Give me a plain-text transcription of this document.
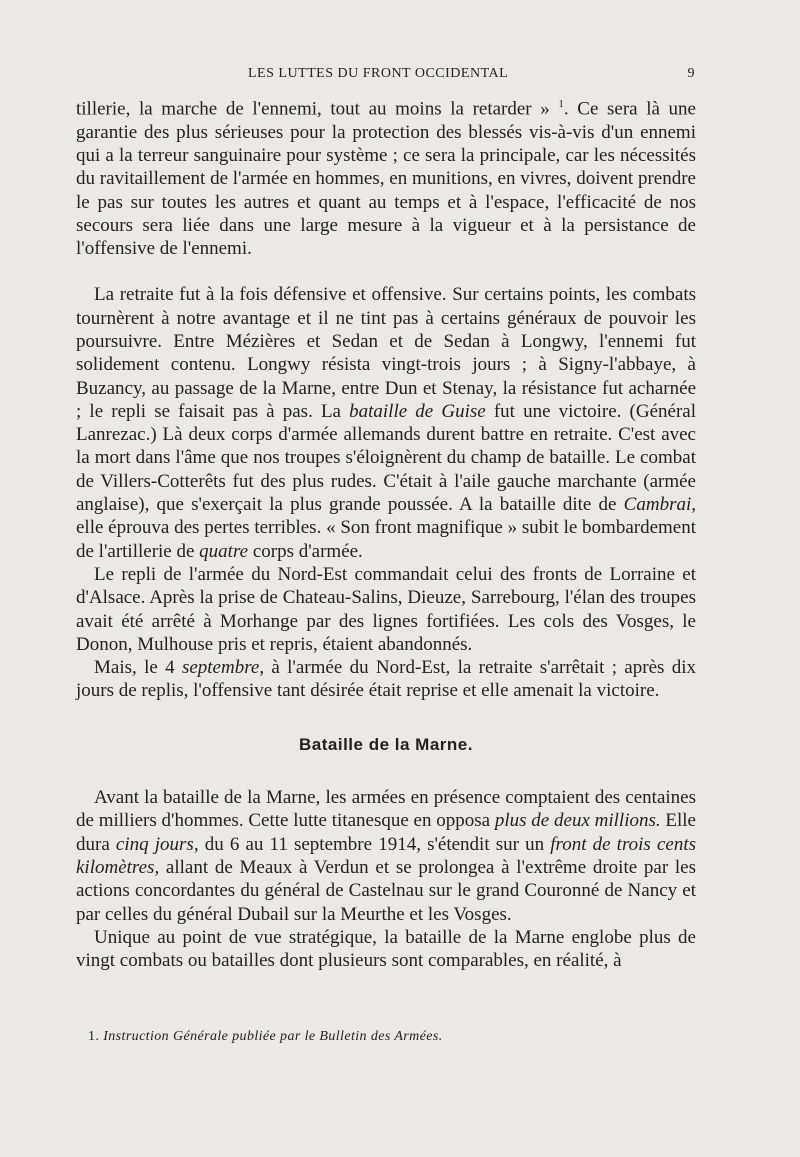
LES LUTTES DU FRONT OCCIDENTAL	9

tillerie, la marche de l'ennemi, tout au moins la retarder » $^1$. Ce sera là une garantie des plus sérieuses pour la protection des blessés vis-à-vis d'un ennemi qui a la terreur sanguinaire pour système ; ce sera la principale, car les nécessités du ravitaillement de l'armée en hommes, en munitions, en vivres, doivent prendre le pas sur toutes les autres et quant au temps et à l'espace, l'efficacité de nos secours sera liée dans une large mesure à la vigueur et à la persistance de l'offensive de l'ennemi.

La retraite fut à la fois défensive et offensive. Sur certains points, les combats tournèrent à notre avantage et il ne tint pas à certains généraux de pouvoir les poursuivre. Entre Mézières et Sedan et de Sedan à Longwy, l'ennemi fut solidement contenu. Longwy résista vingt-trois jours ; à Signy-l'abbaye, à Buzancy, au passage de la Marne, entre Dun et Stenay, la résistance fut acharnée ; le repli se faisait pas à pas. La bataille de Guise fut une victoire. (Général Lanrezac.) Là deux corps d'armée allemands durent battre en retraite. C'est avec la mort dans l'âme que nos troupes s'éloignèrent du champ de bataille. Le combat de Villers-Cotterêts fut des plus rudes. C'était à l'aile gauche marchante (armée anglaise), que s'exerçait la plus grande poussée. A la bataille dite de Cambrai, elle éprouva des pertes terribles. « Son front magnifique » subit le bombardement de l'artillerie de quatre corps d'armée.

Le repli de l'armée du Nord-Est commandait celui des fronts de Lorraine et d'Alsace. Après la prise de Chateau-Salins, Dieuze, Sarrebourg, l'élan des troupes avait été arrêté à Morhange par des lignes fortifiées. Les cols des Vosges, le Donon, Mulhouse pris et repris, étaient abandonnés.

Mais, le 4 septembre, à l'armée du Nord-Est, la retraite s'arrêtait ; après dix jours de replis, l'offensive tant désirée était reprise et elle amenait la victoire.

Bataille de la Marne.

Avant la bataille de la Marne, les armées en présence comptaient des centaines de milliers d'hommes. Cette lutte titanesque en opposa plus de deux millions. Elle dura cinq jours, du 6 au 11 septembre 1914, s'étendit sur un front de trois cents kilomètres, allant de Meaux à Verdun et se prolongea à l'extrême droite par les actions concordantes du général de Castelnau sur le grand Couronné de Nancy et par celles du général Dubail sur la Meurthe et les Vosges.

Unique au point de vue stratégique, la bataille de la Marne englobe plus de vingt combats ou batailles dont plusieurs sont comparables, en réalité, à

1. Instruction Générale publiée par le Bulletin des Armées.
